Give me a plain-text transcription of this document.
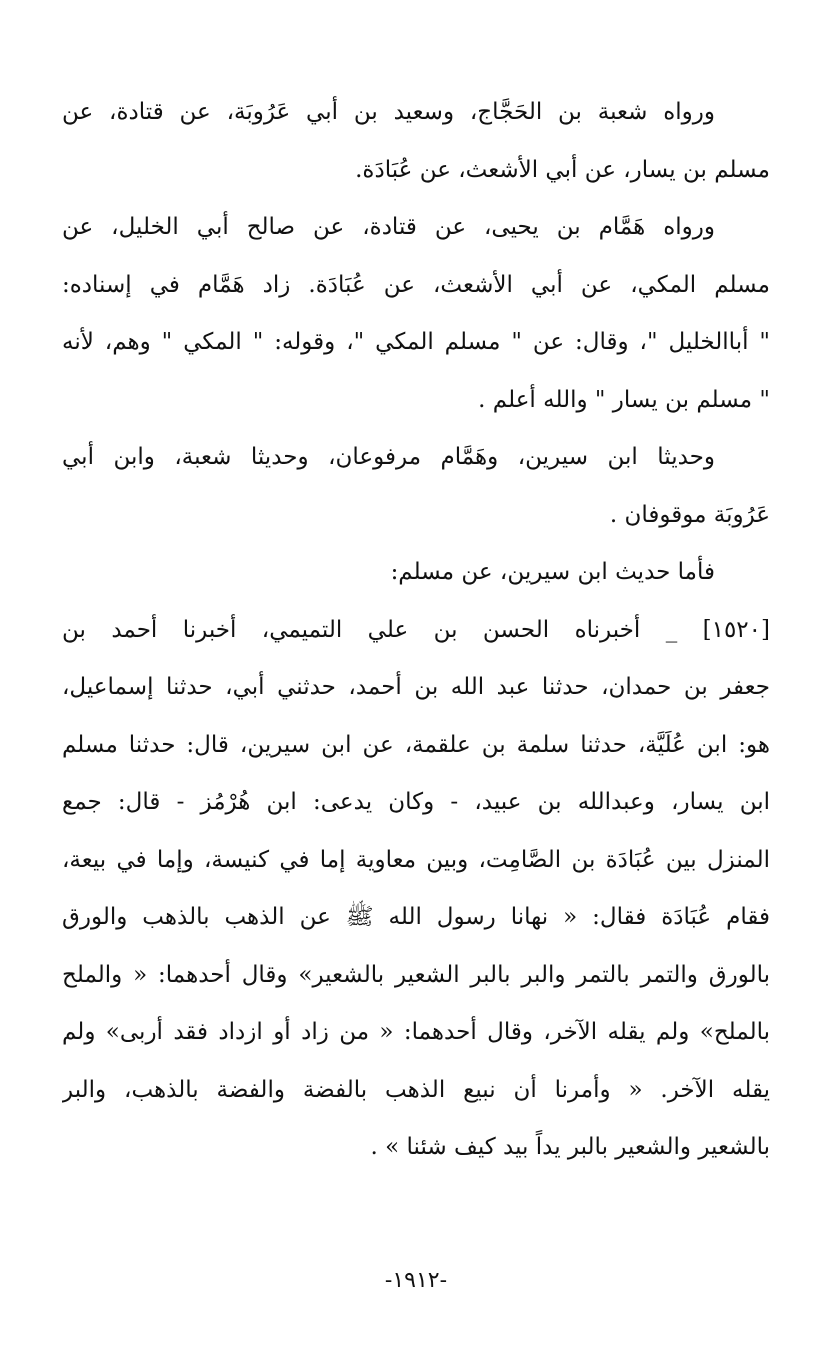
ورواه شعبة بن الحَجَّاج، وسعيد بن أبي عَرُوبَة، عن قتادة، عن
مسلم بن يسار، عن أبي الأشعث، عن عُبَادَة.
ورواه هَمَّام بن يحيى، عن قتادة، عن صالح أبي الخليل، عن
مسلم المكي، عن أبي الأشعث، عن عُبَادَة. زاد هَمَّام في إسناده:
" أباالخليل "، وقال: عن " مسلم المكي "، وقوله: " المكي " وهم، لأنه
" مسلم بن يسار " والله أعلم .
وحديثا ابن سيرين، وهَمَّام مرفوعان، وحديثا شعبة، وابن أبي
عَرُوبَة موقوفان .
فأما حديث ابن سيرين، عن مسلم:
[١٥٢٠] _ أخبرناه الحسن بن علي التميمي، أخبرنا أحمد بن
جعفر بن حمدان، حدثنا عبد الله بن أحمد، حدثني أبي، حدثنا إسماعيل،
هو: ابن عُلَيَّة، حدثنا سلمة بن علقمة، عن ابن سيرين، قال: حدثنا مسلم
ابن يسار، وعبدالله بن عبيد، - وكان يدعى: ابن هُرْمُز - قال: جمع
المنزل بين عُبَادَة بن الصَّامِت، وبين معاوية إما في كنيسة، وإما في بيعة،
فقام عُبَادَة فقال: « نهانا رسول الله ﷺ عن الذهب بالذهب والورق
بالورق والتمر بالتمر والبر بالبر الشعير بالشعير» وقال أحدهما: « والملح
بالملح» ولم يقله الآخر، وقال أحدهما: « من زاد أو ازداد فقد أربى» ولم
يقله الآخر. « وأمرنا أن نبيع الذهب بالفضة والفضة بالذهب، والبر
بالشعير والشعير بالبر يداً بيد كيف شئنا » .
-١٩١٢-
